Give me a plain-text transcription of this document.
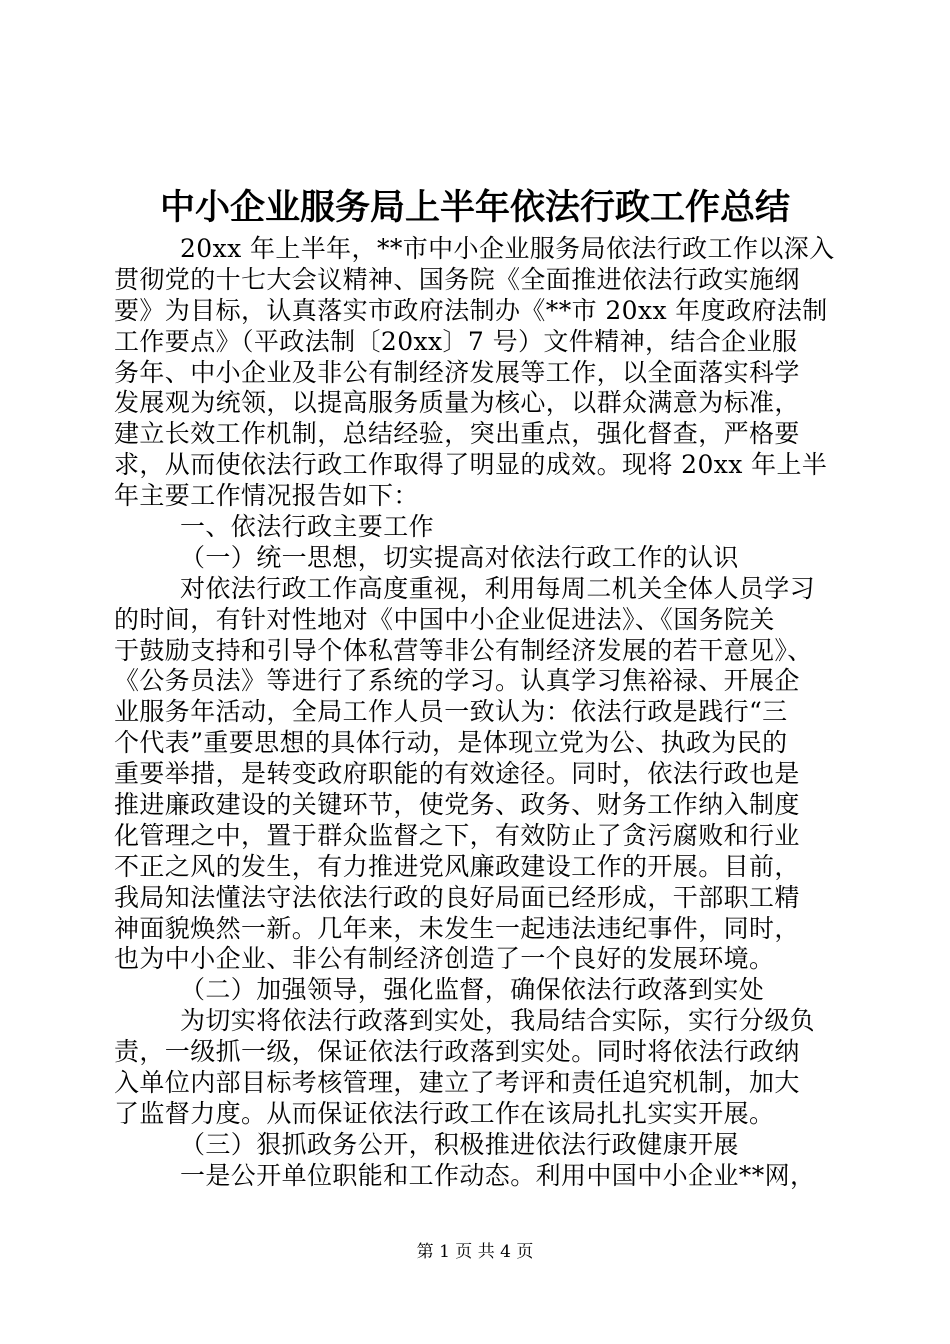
中小企业服务局上半年依法行政工作总结
20xx 年上半年，**市中小企业服务局依法行政工作以深入
贯彻党的十七大会议精神、国务院《全面推进依法行政实施纲
要》为目标，认真落实市政府法制办《**市 20xx 年度政府法制
工作要点》（平政法制〔20xx〕7 号）文件精神，结合企业服
务年、中小企业及非公有制经济发展等工作，以全面落实科学
发展观为统领，以提高服务质量为核心，以群众满意为标准，
建立长效工作机制，总结经验，突出重点，强化督查，严格要
求，从而使依法行政工作取得了明显的成效。现将 20xx 年上半
年主要工作情况报告如下：
一、依法行政主要工作
（一）统一思想，切实提高对依法行政工作的认识
对依法行政工作高度重视，利用每周二机关全体人员学习
的时间，有针对性地对《中国中小企业促进法》、《国务院关
于鼓励支持和引导个体私营等非公有制经济发展的若干意见》、
《公务员法》等进行了系统的学习。认真学习焦裕禄、开展企
业服务年活动，全局工作人员一致认为：依法行政是践行“三
个代表”重要思想的具体行动，是体现立党为公、执政为民的
重要举措，是转变政府职能的有效途径。同时，依法行政也是
推进廉政建设的关键环节，使党务、政务、财务工作纳入制度
化管理之中，置于群众监督之下，有效防止了贪污腐败和行业
不正之风的发生，有力推进党风廉政建设工作的开展。目前，
我局知法懂法守法依法行政的良好局面已经形成，干部职工精
神面貌焕然一新。几年来，未发生一起违法违纪事件，同时，
也为中小企业、非公有制经济创造了一个良好的发展环境。
（二）加强领导，强化监督，确保依法行政落到实处
为切实将依法行政落到实处，我局结合实际，实行分级负
责，一级抓一级，保证依法行政落到实处。同时将依法行政纳
入单位内部目标考核管理，建立了考评和责任追究机制，加大
了监督力度。从而保证依法行政工作在该局扎扎实实开展。
（三）狠抓政务公开，积极推进依法行政健康开展
一是公开单位职能和工作动态。利用中国中小企业**网，
第 1 页 共 4 页
